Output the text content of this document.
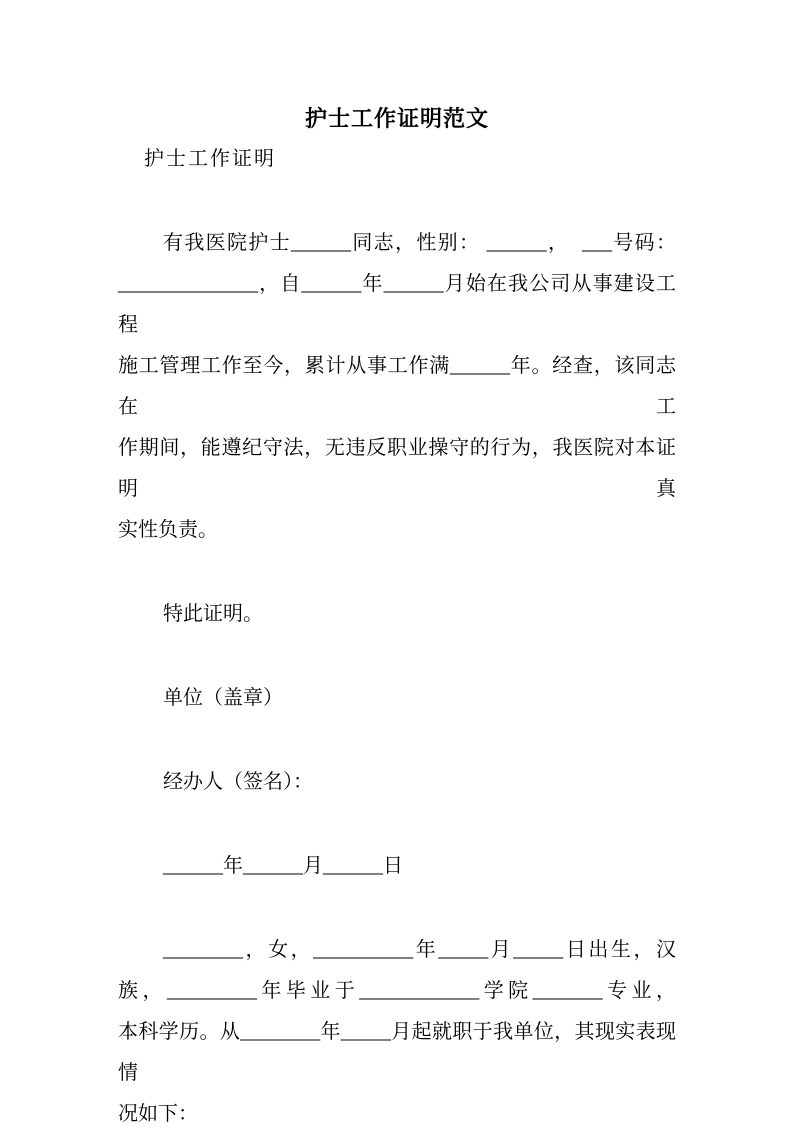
护士工作证明范文
护士工作证明
有我医院护士______同志，性别： ______，  ___号码：
______________，自______年______月始在我公司从事建设工程
施工管理工作至今，累计从事工作满______年。经查，该同志在工
作期间，能遵纪守法，无违反职业操守的行为，我医院对本证明真
实性负责。
特此证明。
单位（盖章）
经办人（签名）：
______年______月______日
________，女，__________年_____月_____日出生，汉
族，_________年毕业于____________学院_______专业，
本科学历。从________年_____月起就职于我单位，其现实表现情
况如下：
